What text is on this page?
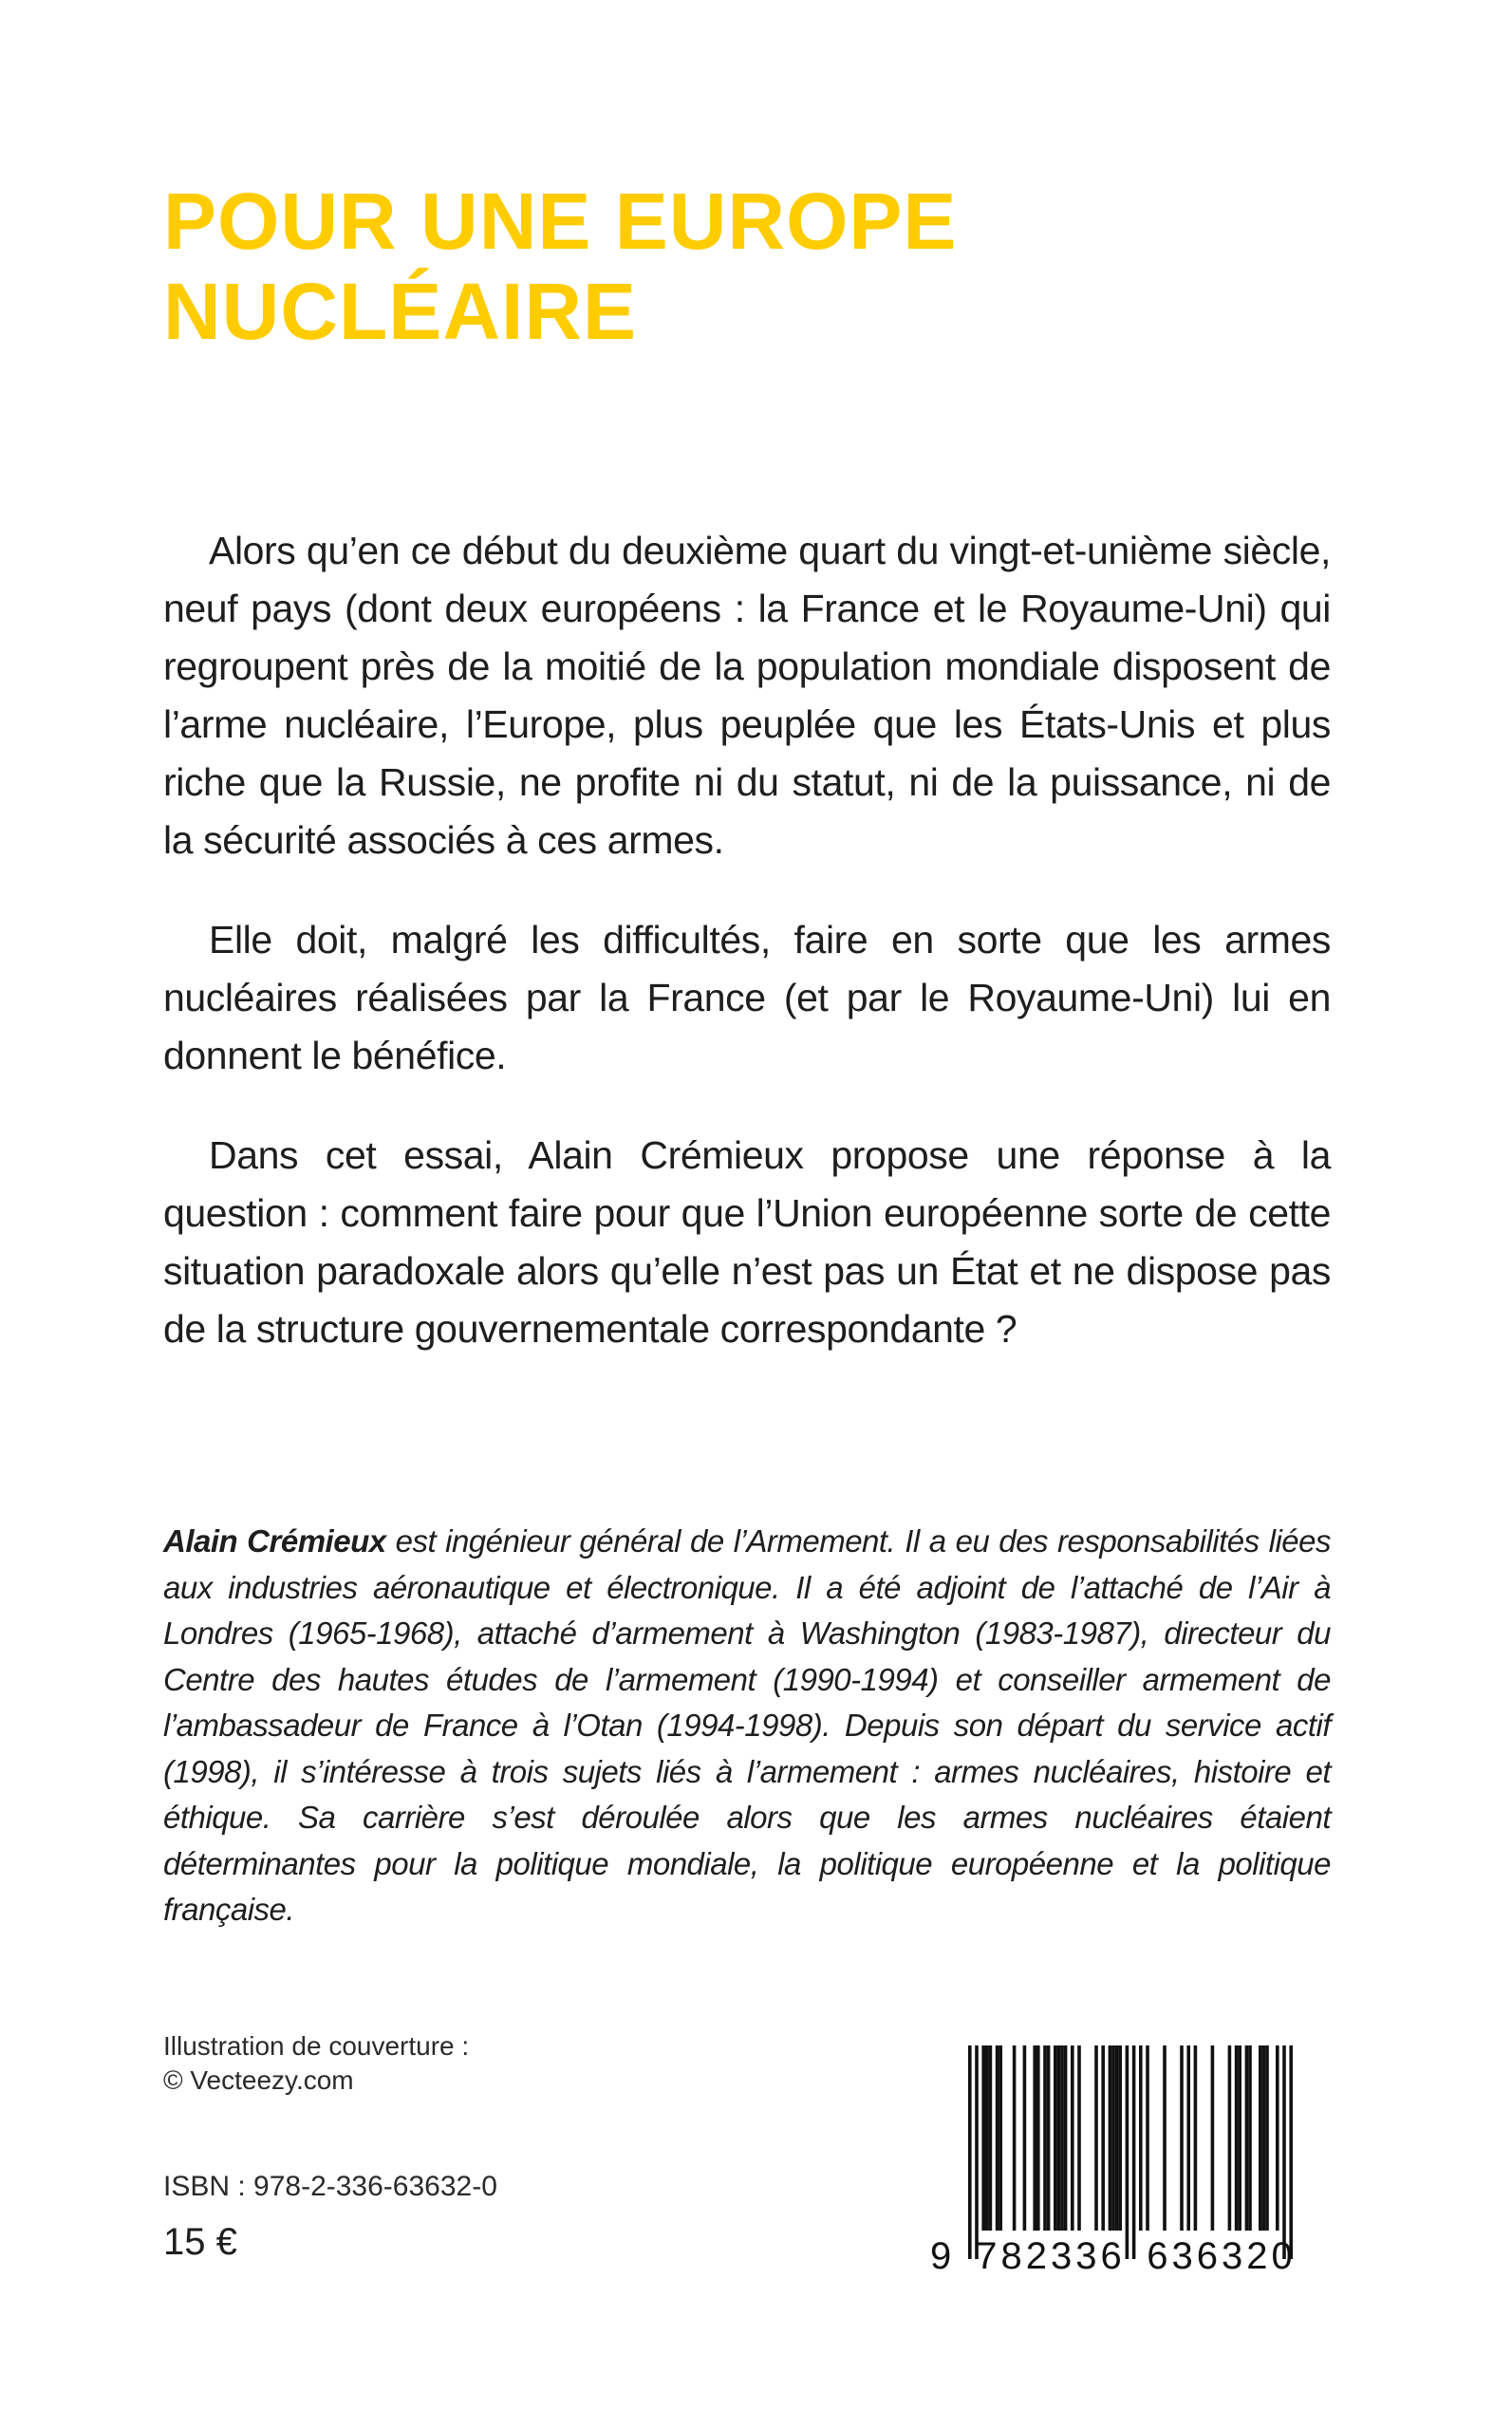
POUR UNE EUROPE
NUCLÉAIRE

Alors qu’en ce début du deuxième quart du vingt-et-unième siècle, neuf pays (dont deux européens : la France et le Royaume-Uni) qui regroupent près de la moitié de la population mondiale disposent de l’arme nucléaire, l’Europe, plus peuplée que les États-Unis et plus riche que la Russie, ne profite ni du statut, ni de la puissance, ni de la sécurité associés à ces armes.

Elle doit, malgré les difficultés, faire en sorte que les armes nucléaires réalisées par la France (et par le Royaume-Uni) lui en donnent le bénéfice.

Dans cet essai, Alain Crémieux propose une réponse à la question : comment faire pour que l’Union européenne sorte de cette situation paradoxale alors qu’elle n’est pas un État et ne dispose pas de la structure gouvernementale correspondante ?

Alain Crémieux est ingénieur général de l’Armement. Il a eu des responsabilités liées aux industries aéronautique et électronique. Il a été adjoint de l’attaché de l’Air à Londres (1965-1968), attaché d’armement à Washington (1983-1987), directeur du Centre des hautes études de l’armement (1990-1994) et conseiller armement de l’ambassadeur de France à l’Otan (1994-1998). Depuis son départ du service actif (1998), il s’intéresse à trois sujets liés à l’armement : armes nucléaires, histoire et éthique. Sa carrière s’est déroulée alors que les armes nucléaires étaient déterminantes pour la politique mondiale, la politique européenne et la politique française.

Illustration de couverture :
© Vecteezy.com
ISBN : 978-2-336-63632-0
15 €	9 782336 636320
